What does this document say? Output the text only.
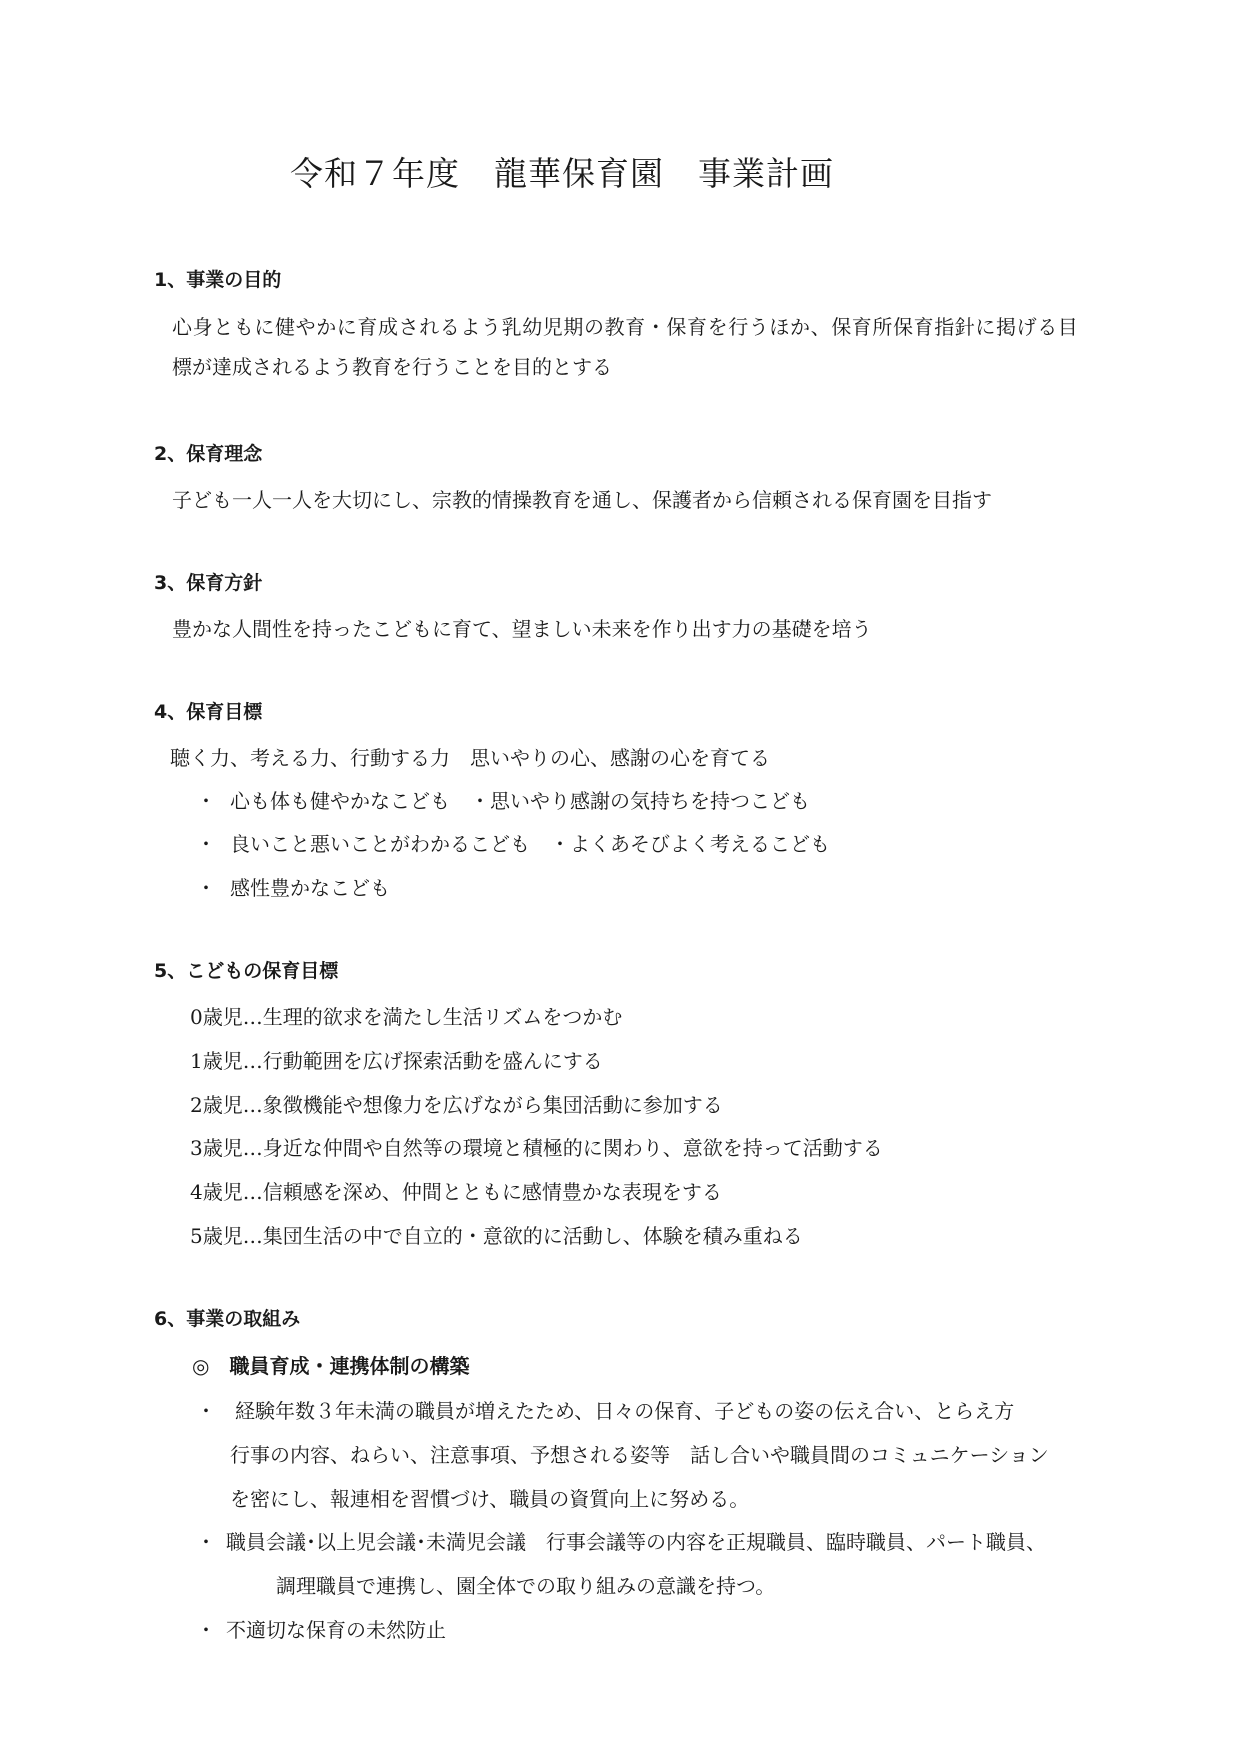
令和７年度　龍華保育園　事業計画
1、事業の目的
心身ともに健やかに育成されるよう乳幼児期の教育・保育を行うほか、保育所保育指針に掲げる目
標が達成されるよう教育を行うことを目的とする
2、保育理念
子ども一人一人を大切にし、宗教的情操教育を通し、保護者から信頼される保育園を目指す
3、保育方針
豊かな人間性を持ったこどもに育て、望ましい未来を作り出す力の基礎を培う
4、保育目標
聴く力、考える力、行動する力　思いやりの心、感謝の心を育てる
・ 心も体も健やかなこども　・思いやり感謝の気持ちを持つこども
・ 良いこと悪いことがわかるこども　・よくあそびよく考えるこども
・ 感性豊かなこども
5、こどもの保育目標
0歳児…生理的欲求を満たし生活リズムをつかむ
1歳児…行動範囲を広げ探索活動を盛んにする
2歳児…象徴機能や想像力を広げながら集団活動に参加する
3歳児…身近な仲間や自然等の環境と積極的に関わり、意欲を持って活動する
4歳児…信頼感を深め、仲間とともに感情豊かな表現をする
5歳児…集団生活の中で自立的・意欲的に活動し、体験を積み重ねる
6、事業の取組み
◎　職員育成・連携体制の構築
・ 経験年数３年未満の職員が増えたため、日々の保育、子どもの姿の伝え合い、とらえ方
行事の内容、ねらい、注意事項、予想される姿等　話し合いや職員間のコミュニケーション
を密にし、報連相を習慣づけ、職員の資質向上に努める。
・ 職員会議･以上児会議･未満児会議　行事会議等の内容を正規職員、臨時職員、パート職員、
調理職員で連携し、園全体での取り組みの意識を持つ。
・ 不適切な保育の未然防止
